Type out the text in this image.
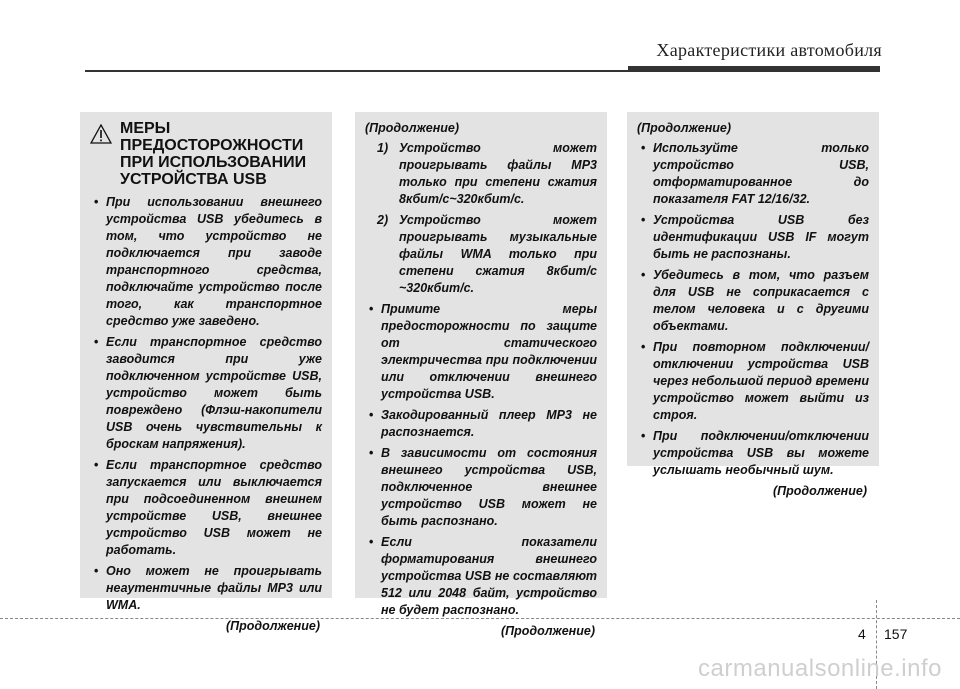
Характеристики автомобиля
МЕРЫ ПРЕДОСТОРОЖНОСТИ ПРИ ИСПОЛЬЗОВАНИИ УСТРОЙСТВА USB
• При использовании внешнего устройства USB убедитесь в том, что устройство не подключается при заводе транспортного средства, подключайте устройство после того, как транспортное средство уже заведено.
• Если транспортное средство заводится при уже подключенном устройстве USB, устройство может быть повреждено (Флэш-накопители USB очень чувствительны к броскам напряжения).
• Если транспортное средство запускается или выключается при подсоединенном внешнем устройстве USB, внешнее устройство USB может не работать.
• Оно может не проигрывать неаутентичные файлы MP3 или WMA.
(Продолжение)
(Продолжение)
1) Устройство может проигрывать файлы MP3 только при степени сжатия 8кбит/с~320кбит/с.
2) Устройство может проигрывать музыкальные файлы WMA только при степени сжатия 8кбит/с ~320кбит/с.
• Примите меры предосторожности по защите от статического электричества при подключении или отключении внешнего устройства USB.
• Закодированный плеер MP3 не распознается.
• В зависимости от состояния внешнего устройства USB, подключенное внешнее устройство USB может не быть распознано.
• Если показатели форматирования внешнего устройства USB не составляют 512 или 2048 байт, устройство не будет распознано.
(Продолжение)
(Продолжение)
• Используйте только устройство USB, отформатированное до показателя FAT 12/16/32.
• Устройства USB без идентификации USB IF могут быть не распознаны.
• Убедитесь в том, что разъем для USB не соприкасается с телом человека и с другими объектами.
• При повторном подключении/отключении устройства USB через небольшой период времени устройство может выйти из строя.
• При подключении/отключении устройства USB вы можете услышать необычный шум.
(Продолжение)
4 157
carmanualsonline.info
